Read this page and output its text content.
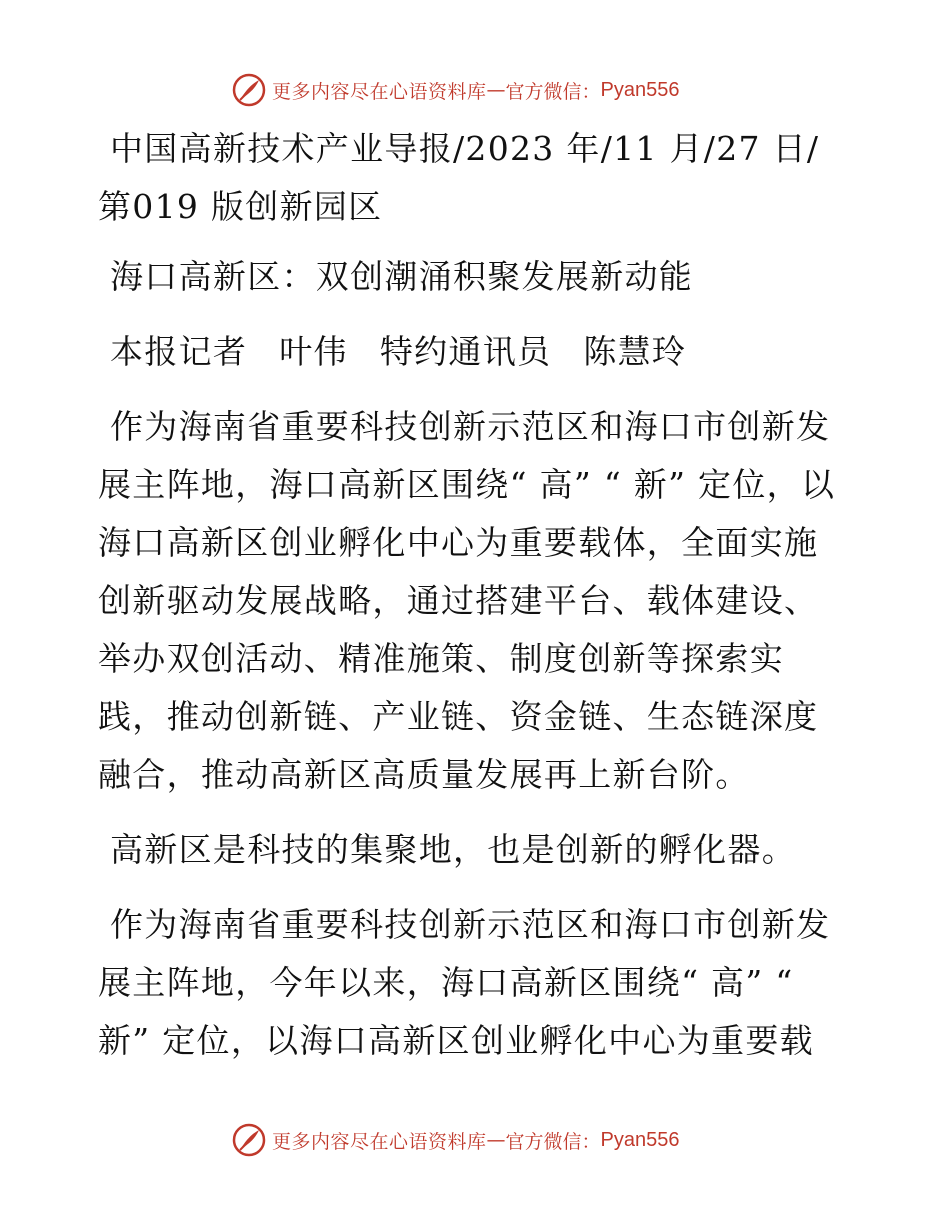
更多内容尽在心语资料库 — 官方微信： Pyan556

中国高新技术产业导报/2023 年/11 月/27 日/第019 版创新园区

海口高新区：双创潮涌积聚发展新动能

本报记者 叶伟 特约通讯员 陈慧玲

作为海南省重要科技创新示范区和海口市创新发展主阵地，海口高新区围绕“ 高” “ 新” 定位，以海口高新区创业孵化中心为重要载体，全面实施创新驱动发展战略，通过搭建平台、载体建设、举办双创活动、精准施策、制度创新等探索实践，推动创新链、产业链、资金链、生态链深度融合，推动高新区高质量发展再上新台阶。

高新区是科技的集聚地，也是创新的孵化器。

作为海南省重要科技创新示范区和海口市创新发展主阵地，今年以来，海口高新区围绕“ 高” “ 新” 定位，以海口高新区创业孵化中心为重要载

更多内容尽在心语资料库 — 官方微信： Pyan556
